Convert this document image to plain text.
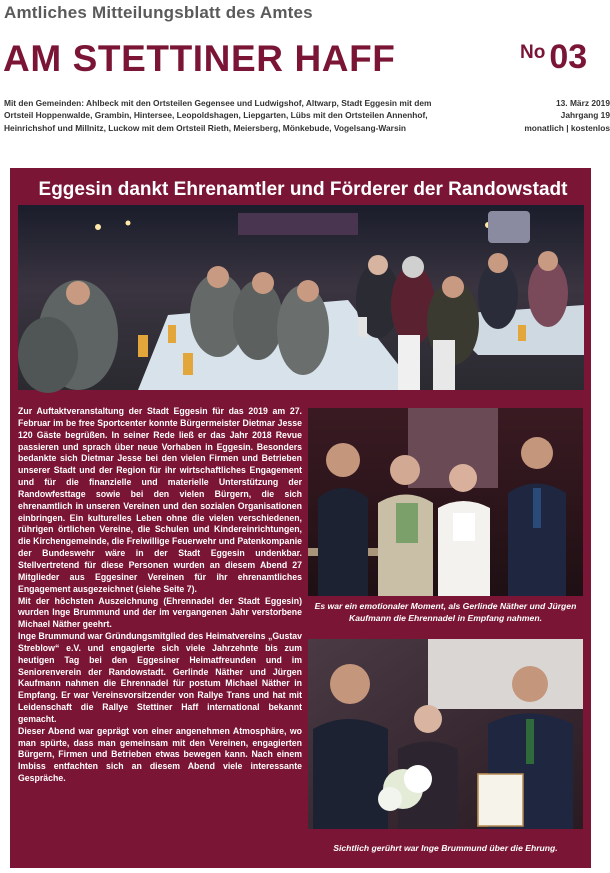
Amtliches Mitteilungsblatt des Amtes
AM STETTINER HAFF	No 03

Mit den Gemeinden: Ahlbeck mit den Ortsteilen Gegensee und Ludwigshof, Altwarp, Stadt Eggesin mit dem
Ortsteil Hoppenwalde, Grambin, Hintersee, Leopoldshagen, Liepgarten, Lübs mit den Ortsteilen Annenhof,
Heinrichshof und Millnitz, Luckow mit dem Ortsteil Rieth, Meiersberg, Mönkebude, Vogelsang-Warsin

13. März 2019
Jahrgang 19
monatlich | kostenlos

Eggesin dankt Ehrenamtler und Förderer der Randowstadt

Zur Auftaktveranstaltung der Stadt Eggesin für das 2019 am 27. Februar im be free Sportcenter konnte Bürgermeister Dietmar Jesse 120 Gäste begrüßen. In seiner Rede ließ er das Jahr 2018 Revue passieren und sprach über neue Vorhaben in Eggesin. Besonders bedankte sich Dietmar Jesse bei den vielen Firmen und Betrieben unserer Stadt und der Region für ihr wirtschaftliches Engagement und für die finanzielle und materielle Unterstützung der Randowfesttage sowie bei den vielen Bürgern, die sich ehrenamtlich in unseren Vereinen und den sozialen Organisationen einbringen. Ein kulturelles Leben ohne die vielen verschiedenen, rührigen örtlichen Vereine, die Schulen und Kindereinrichtungen, die Kirchengemeinde, die Freiwillige Feuerwehr und Patenkompanie der Bundeswehr wäre in der Stadt Eggesin undenkbar. Stellvertretend für diese Personen wurden an diesem Abend 27 Mitglieder aus Eggesiner Vereinen für ihr ehrenamtliches Engagement ausgezeichnet (siehe Seite 7).

Mit der höchsten Auszeichnung (Ehrennadel der Stadt Eggesin) wurden Inge Brummund und der im vergangenen Jahr verstorbene Michael Näther geehrt.

Inge Brummund war Gründungsmitglied des Heimatvereins „Gustav Streblow“ e.V. und engagierte sich viele Jahrzehnte bis zum heutigen Tag bei den Eggesiner Heimatfreunden und im Seniorenverein der Randowstadt. Gerlinde Näther und Jürgen Kaufmann nahmen die Ehrennadel für postum Michael Näther in Empfang. Er war Vereinsvorsitzender von Rallye Trans und hat mit Leidenschaft die Rallye Stettiner Haff international bekannt gemacht.

Dieser Abend war geprägt von einer angenehmen Atmosphäre, wo man spürte, dass man gemeinsam mit den Vereinen, engagierten Bürgern, Firmen und Betrieben etwas bewegen kann. Nach einem Imbiss entfachten sich an diesem Abend viele interessante Gespräche.

Es war ein emotionaler Moment, als Gerlinde Näther und Jürgen Kaufmann die Ehrennadel in Empfang nahmen.

Sichtlich gerührt war Inge Brummund über die Ehrung.
